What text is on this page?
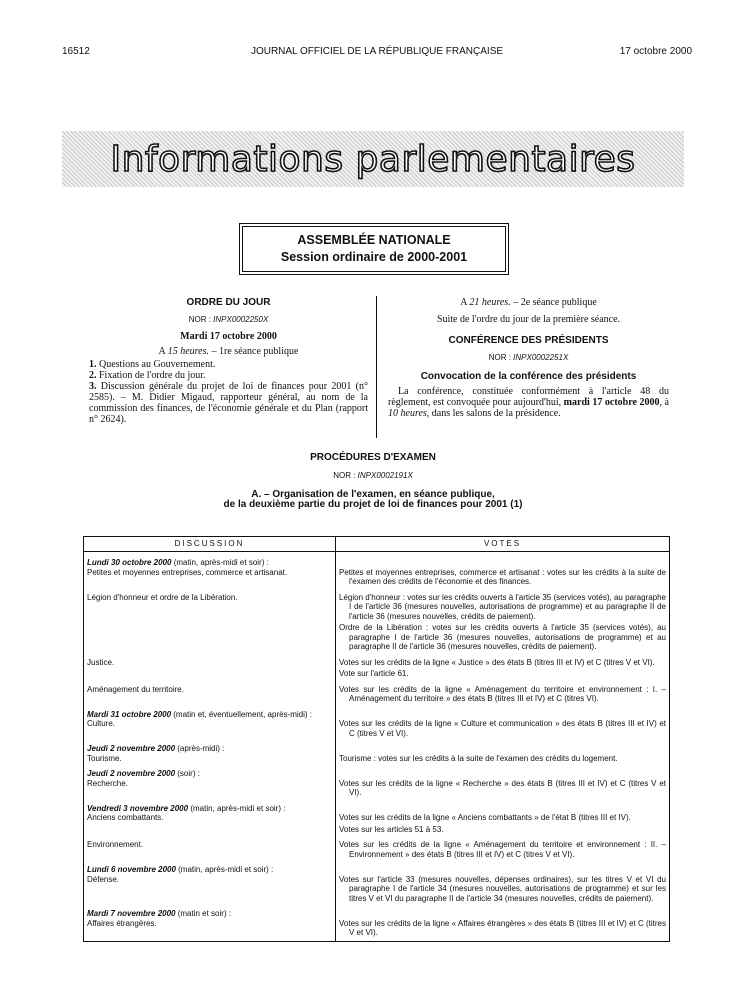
16512	JOURNAL OFFICIEL DE LA RÉPUBLIQUE FRANÇAISE	17 octobre 2000
Informations parlementaires
ASSEMBLÉE NATIONALE
Session ordinaire de 2000-2001
ORDRE DU JOUR
NOR : INPX0002250X
Mardi 17 octobre 2000
A 15 heures. – 1re séance publique
1. Questions au Gouvernement.
2. Fixation de l'ordre du jour.
3. Discussion générale du projet de loi de finances pour 2001 (n° 2585). – M. Didier Migaud, rapporteur général, au nom de la commission des finances, de l'économie générale et du Plan (rapport n° 2624).
A 21 heures. – 2e séance publique
Suite de l'ordre du jour de la première séance.
CONFÉRENCE DES PRÉSIDENTS
NOR : INPX0002251X
Convocation de la conférence des présidents
La conférence, constituée conformément à l'article 48 du règlement, est convoquée pour aujourd'hui, mardi 17 octobre 2000, à 10 heures, dans les salons de la présidence.
PROCÉDURES D'EXAMEN
NOR : INPX0002191X
A. – Organisation de l'examen, en séance publique,
de la deuxième partie du projet de loi de finances pour 2001 (1)
DISCUSSION	VOTES
Lundi 30 octobre 2000 (matin, après-midi et soir) :	
Petites et moyennes entreprises, commerce et artisanat.	Petites et moyennes entreprises, commerce et artisanat : votes sur les crédits à la suite de l'examen des crédits de l'économie et des finances.

Légion d'honneur et ordre de la Libération.	Légion d'honneur : votes sur les crédits ouverts à l'article 35 (services votés), au paragraphe I de l'article 36 (mesures nouvelles, autorisations de programme) et au paragraphe II de l'article 36 (mesures nouvelles, crédits de paiement).
Ordre de la Libération : votes sur les crédits ouverts à l'article 35 (services votés), au paragraphe I de l'article 36 (mesures nouvelles, autorisations de programme) et au paragraphe II de l'article 36 (mesures nouvelles, crédits de paiement).

Justice.	Votes sur les crédits de la ligne « Justice » des états B (titres III et IV) et C (titres V et VI).
Vote sur l'article 61.

Aménagement du territoire.	Votes sur les crédits de la ligne « Aménagement du territoire et environnement : I. – Aménagement du territoire » des états B (titres III et IV) et C (titres VI).

Mardi 31 octobre 2000 (matin et, éventuellement, après-midi) :	
Culture.	Votes sur les crédits de la ligne « Culture et communication » des états B (titres III et IV) et C (titres V et VI).

Jeudi 2 novembre 2000 (après-midi) :	
Tourisme.	Tourisme : votes sur les crédits à la suite de l'examen des crédits du logement.

Jeudi 2 novembre 2000 (soir) :	
Recherche.	Votes sur les crédits de la ligne « Recherche » des états B (titres III et IV) et C (titres V et VI).

Vendredi 3 novembre 2000 (matin, après-midi et soir) :	
Anciens combattants.	Votes sur les crédits de la ligne « Anciens combattants » de l'état B (titres III et IV).
Votes sur les articles 51 à 53.

Environnement.	Votes sur les crédits de la ligne « Aménagement du territoire et environnement : II. – Environnement » des états B (titres III et IV) et C (titres V et VI).

Lundi 6 novembre 2000 (matin, après-midi et soir) :	
Défense.	Votes sur l'article 33 (mesures nouvelles, dépenses ordinaires), sur les titres V et VI du paragraphe I de l'article 34 (mesures nouvelles, autorisations de programme) et sur les titres V et VI du paragraphe II de l'article 34 (mesures nouvelles, crédits de paiement).

Mardi 7 novembre 2000 (matin et soir) :	
Affaires étrangères.	Votes sur les crédits de la ligne « Affaires étrangères » des états B (titres III et IV) et C (titres V et VI).
